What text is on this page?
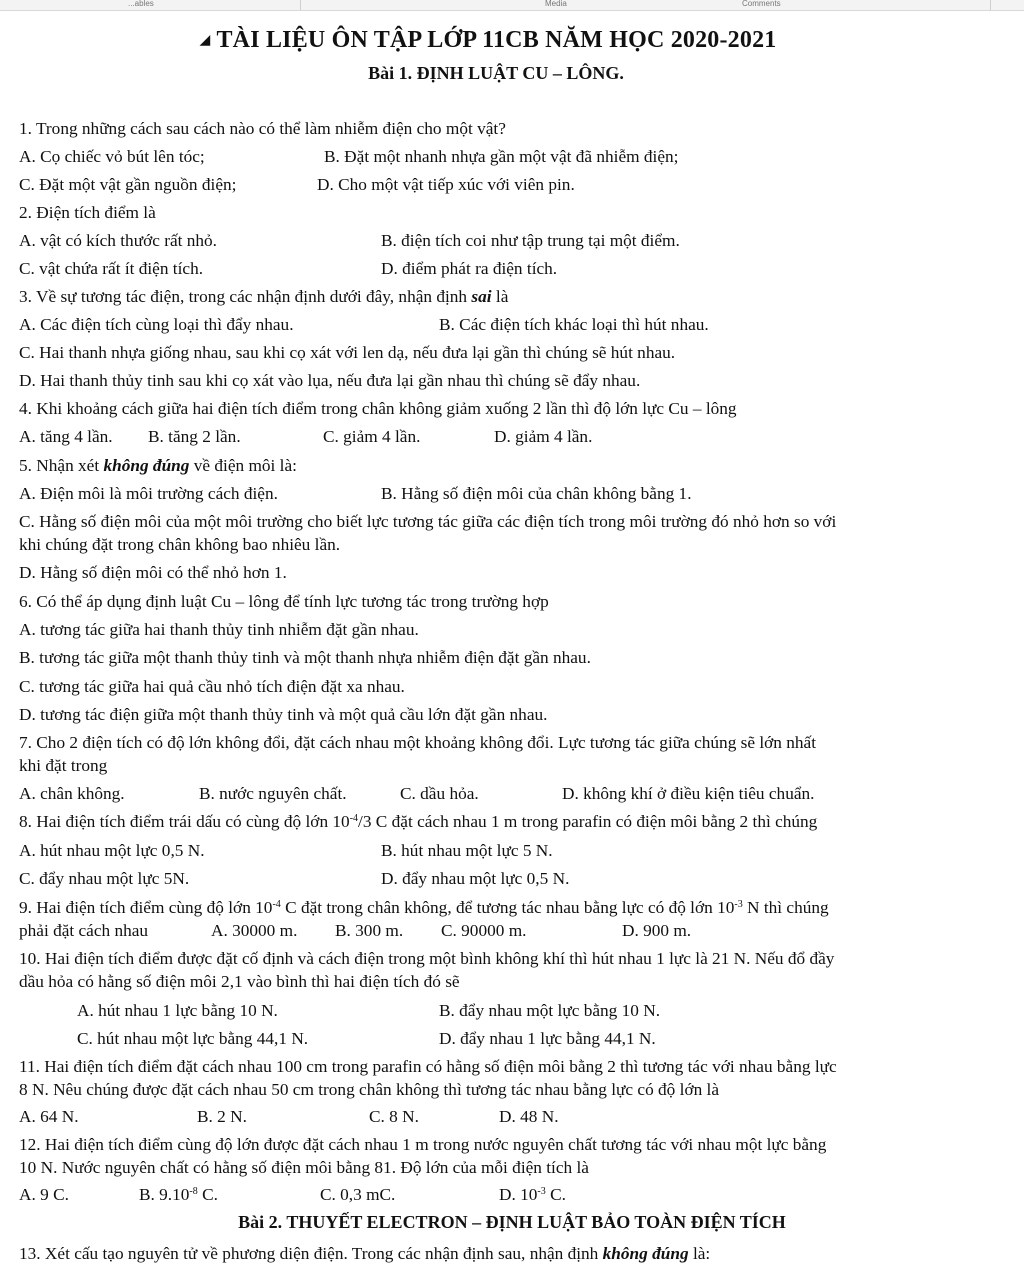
...ables	Media	Comments
◢ TÀI LIỆU ÔN TẬP LỚP 11CB NĂM HỌC 2020-2021
Bài 1. ĐỊNH LUẬT CU – LÔNG.
1. Trong những cách sau cách nào có thể làm nhiễm điện cho một vật?
A. Cọ chiếc vỏ bút lên tóc;	B. Đặt một nhanh nhựa gần một vật đã nhiễm điện;
C. Đặt một vật gần nguồn điện;	D. Cho một vật tiếp xúc với viên pin.
2. Điện tích điểm là
A. vật có kích thước rất nhỏ.	B. điện tích coi như tập trung tại một điểm.
C. vật chứa rất ít điện tích.	D. điểm phát ra điện tích.
3. Về sự tương tác điện, trong các nhận định dưới đây, nhận định sai là
A. Các điện tích cùng loại thì đẩy nhau.	B. Các điện tích khác loại thì hút nhau.
C. Hai thanh nhựa giống nhau, sau khi cọ xát với len dạ, nếu đưa lại gần thì chúng sẽ hút nhau.
D. Hai thanh thủy tinh sau khi cọ xát vào lụa, nếu đưa lại gần nhau thì chúng sẽ đẩy nhau.
4. Khi khoảng cách giữa hai điện tích điểm trong chân không giảm xuống 2 lần thì độ lớn lực Cu – lông
A. tăng 4 lần. B. tăng 2 lần.	C. giảm 4 lần.	D. giảm 4 lần.
5. Nhận xét không đúng về điện môi là:
A. Điện môi là môi trường cách điện.	B. Hằng số điện môi của chân không bằng 1.
C. Hằng số điện môi của một môi trường cho biết lực tương tác giữa các điện tích trong môi trường đó nhỏ hơn so với
khi chúng đặt trong chân không bao nhiêu lần.
D. Hằng số điện môi có thể nhỏ hơn 1.
6. Có thể áp dụng định luật Cu – lông để tính lực tương tác trong trường hợp
A. tương tác giữa hai thanh thủy tinh nhiễm đặt gần nhau.
B. tương tác giữa một thanh thủy tinh và một thanh nhựa nhiễm điện đặt gần nhau.
C. tương tác giữa hai quả cầu nhỏ tích điện đặt xa nhau.
D. tương tác điện giữa một thanh thủy tinh và một quả cầu lớn đặt gần nhau.
7. Cho 2 điện tích có độ lớn không đổi, đặt cách nhau một khoảng không đổi. Lực tương tác giữa chúng sẽ lớn nhất
khi đặt trong
A. chân không.	B. nước nguyên chất.	C. dầu hỏa.	D. không khí ở điều kiện tiêu chuẩn.
8. Hai điện tích điểm trái dấu có cùng độ lớn $10^{-4}/3$ C đặt cách nhau 1 m trong parafin có điện môi bằng 2 thì chúng
A. hút nhau một lực 0,5 N.	B. hút nhau một lực 5 N.
C. đẩy nhau một lực 5N.	D. đẩy nhau một lực 0,5 N.
9. Hai điện tích điểm cùng độ lớn $10^{-4}$ C đặt trong chân không, để tương tác nhau bằng lực có độ lớn $10^{-3}$ N thì chúng
phải đặt cách nhau	A. 30000 m. B. 300 m. C. 90000 m.	D. 900 m.
10. Hai điện tích điểm được đặt cố định và cách điện trong một bình không khí thì hút nhau 1 lực là 21 N. Nếu đổ đầy
dầu hỏa có hằng số điện môi 2,1 vào bình thì hai điện tích đó sẽ
A. hút nhau 1 lực bằng 10 N.	B. đẩy nhau một lực bằng 10 N.
C. hút nhau một lực bằng 44,1 N.	D. đẩy nhau 1 lực bằng 44,1 N.
11. Hai điện tích điểm đặt cách nhau 100 cm trong parafin có hằng số điện môi bằng 2 thì tương tác với nhau bằng lực
8 N. Nêu chúng được đặt cách nhau 50 cm trong chân không thì tương tác nhau bằng lực có độ lớn là
A. 64 N.	B. 2 N.	C. 8 N.	D. 48 N.
12. Hai điện tích điểm cùng độ lớn được đặt cách nhau 1 m trong nước nguyên chất tương tác với nhau một lực bằng
10 N. Nước nguyên chất có hằng số điện môi bằng 81. Độ lớn của mỗi điện tích là
A. 9 C.	B. $9.10^{-8}$ C.	C. 0,3 mC.	D. $10^{-3}$ C.
Bài 2. THUYẾT ELECTRON – ĐỊNH LUẬT BẢO TOÀN ĐIỆN TÍCH
13. Xét cấu tạo nguyên tử về phương diện điện. Trong các nhận định sau, nhận định không đúng là:
